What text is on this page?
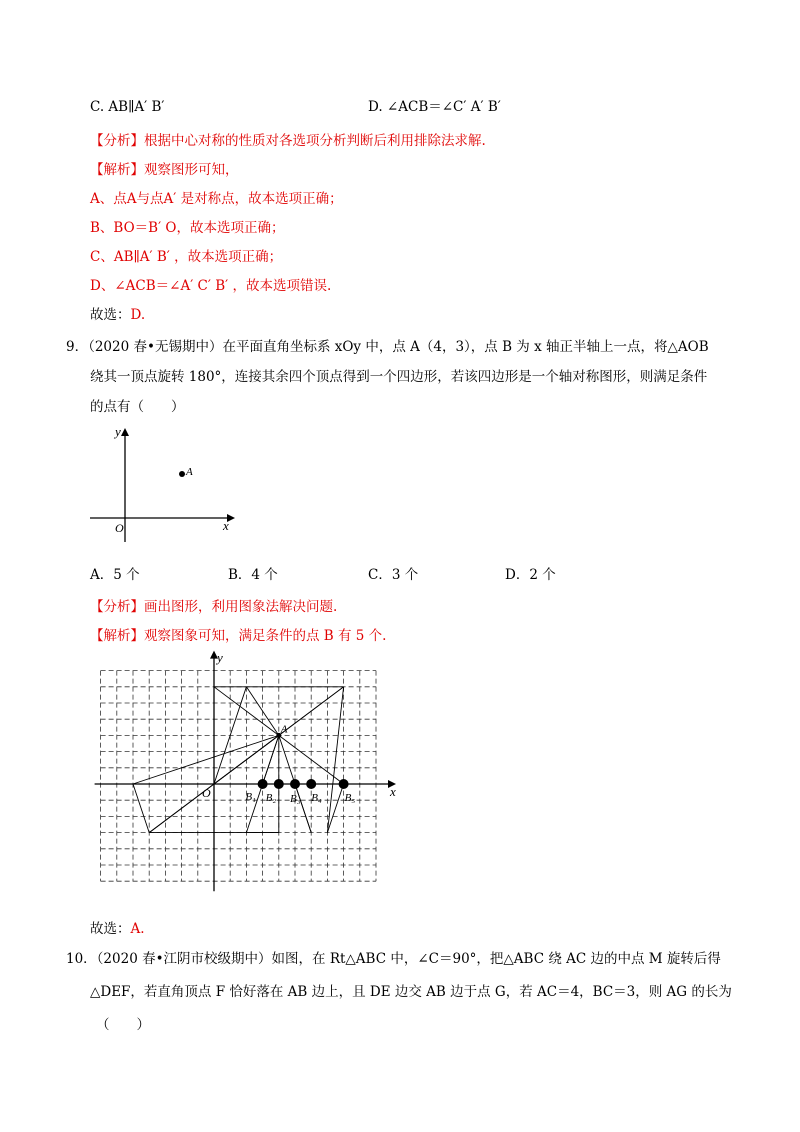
C. AB∥A′ B′	D. ∠ACB＝∠C′ A′ B′
【分析】根据中心对称的性质对各选项分析判断后利用排除法求解.
【解析】观察图形可知，
A、点A与点A′ 是对称点，故本选项正确；
B、BO＝B′ O，故本选项正确；
C、AB∥A′ B′ ，故本选项正确；
D、∠ACB＝∠A′ C′ B′ ，故本选项错误.
故选：D.
9．（2020 春•无锡期中）在平面直角坐标系 xOy 中，点 A（4，3），点 B 为 x 轴正半轴上一点，将△AOB
绕其一顶点旋转 180°，连接其余四个顶点得到一个四边形，若该四边形是一个轴对称图形，则满足条件
的点有（　　）
A
x
y
O
A．5 个	B．4 个	C．3 个	D．2 个
【分析】画出图形，利用图象法解决问题.
【解析】观察图象可知，满足条件的点 B 有 5 个.
y
x
O
A
B₁ B₂ B₃ B₄ B₅
故选：A.
10．（2020 春•江阴市校级期中）如图，在 Rt△ABC 中，∠C＝90°，把△ABC 绕 AC 边的中点 M 旋转后得
△DEF，若直角顶点 F 恰好落在 AB 边上，且 DE 边交 AB 边于点 G，若 AC＝4，BC＝3，则 AG 的长为
（　　）
